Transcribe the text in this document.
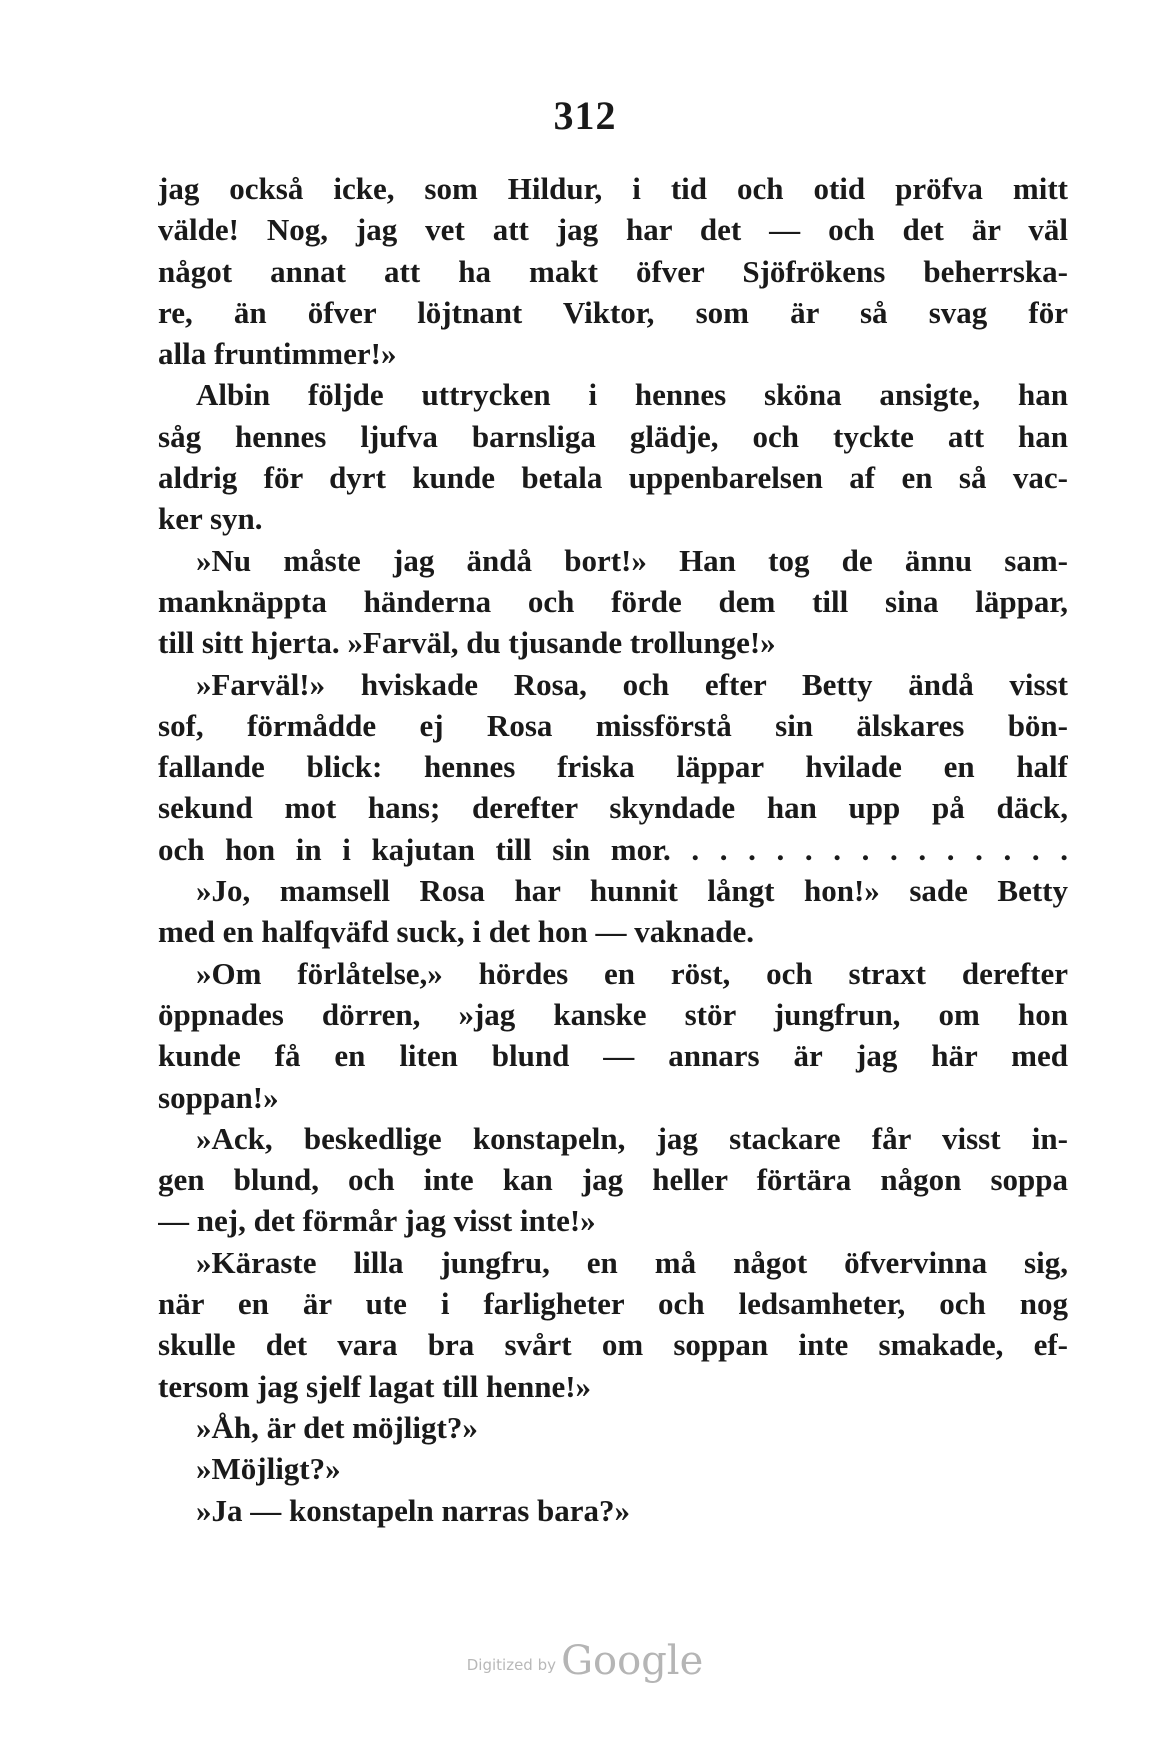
312
jag också icke, som Hildur, i tid och otid pröfva mitt
välde! Nog, jag vet att jag har det — och det är väl
något annat att ha makt öfver Sjöfrökens beherrska-
re, än öfver löjtnant Viktor, som är så svag för
alla fruntimmer!»
Albin följde uttrycken i hennes sköna ansigte, han
såg hennes ljufva barnsliga glädje, och tyckte att han
aldrig för dyrt kunde betala uppenbarelsen af en så vac-
ker syn.
»Nu måste jag ändå bort!» Han tog de ännu sam-
manknäppta händerna och förde dem till sina läppar,
till sitt hjerta. »Farväl, du tjusande trollunge!»
»Farväl!» hviskade Rosa, och efter Betty ändå visst
sof, förmådde ej Rosa missförstå sin älskares bön-
fallande blick: hennes friska läppar hvilade en half
sekund mot hans; derefter skyndade han upp på däck,
och hon in i kajutan till sin mor. . . . . . . . . . . . . . .
»Jo, mamsell Rosa har hunnit långt hon!» sade Betty
med en halfqväfd suck, i det hon — vaknade.
»Om förlåtelse,» hördes en röst, och straxt derefter
öppnades dörren, »jag kanske stör jungfrun, om hon
kunde få en liten blund — annars är jag här med
soppan!»
»Ack, beskedlige konstapeln, jag stackare får visst in-
gen blund, och inte kan jag heller förtära någon soppa
— nej, det förmår jag visst inte!»
»Käraste lilla jungfru, en må något öfvervinna sig,
när en är ute i farligheter och ledsamheter, och nog
skulle det vara bra svårt om soppan inte smakade, ef-
tersom jag sjelf lagat till henne!»
»Åh, är det möjligt?»
»Möjligt?»
»Ja — konstapeln narras bara?»
Digitized by Google
